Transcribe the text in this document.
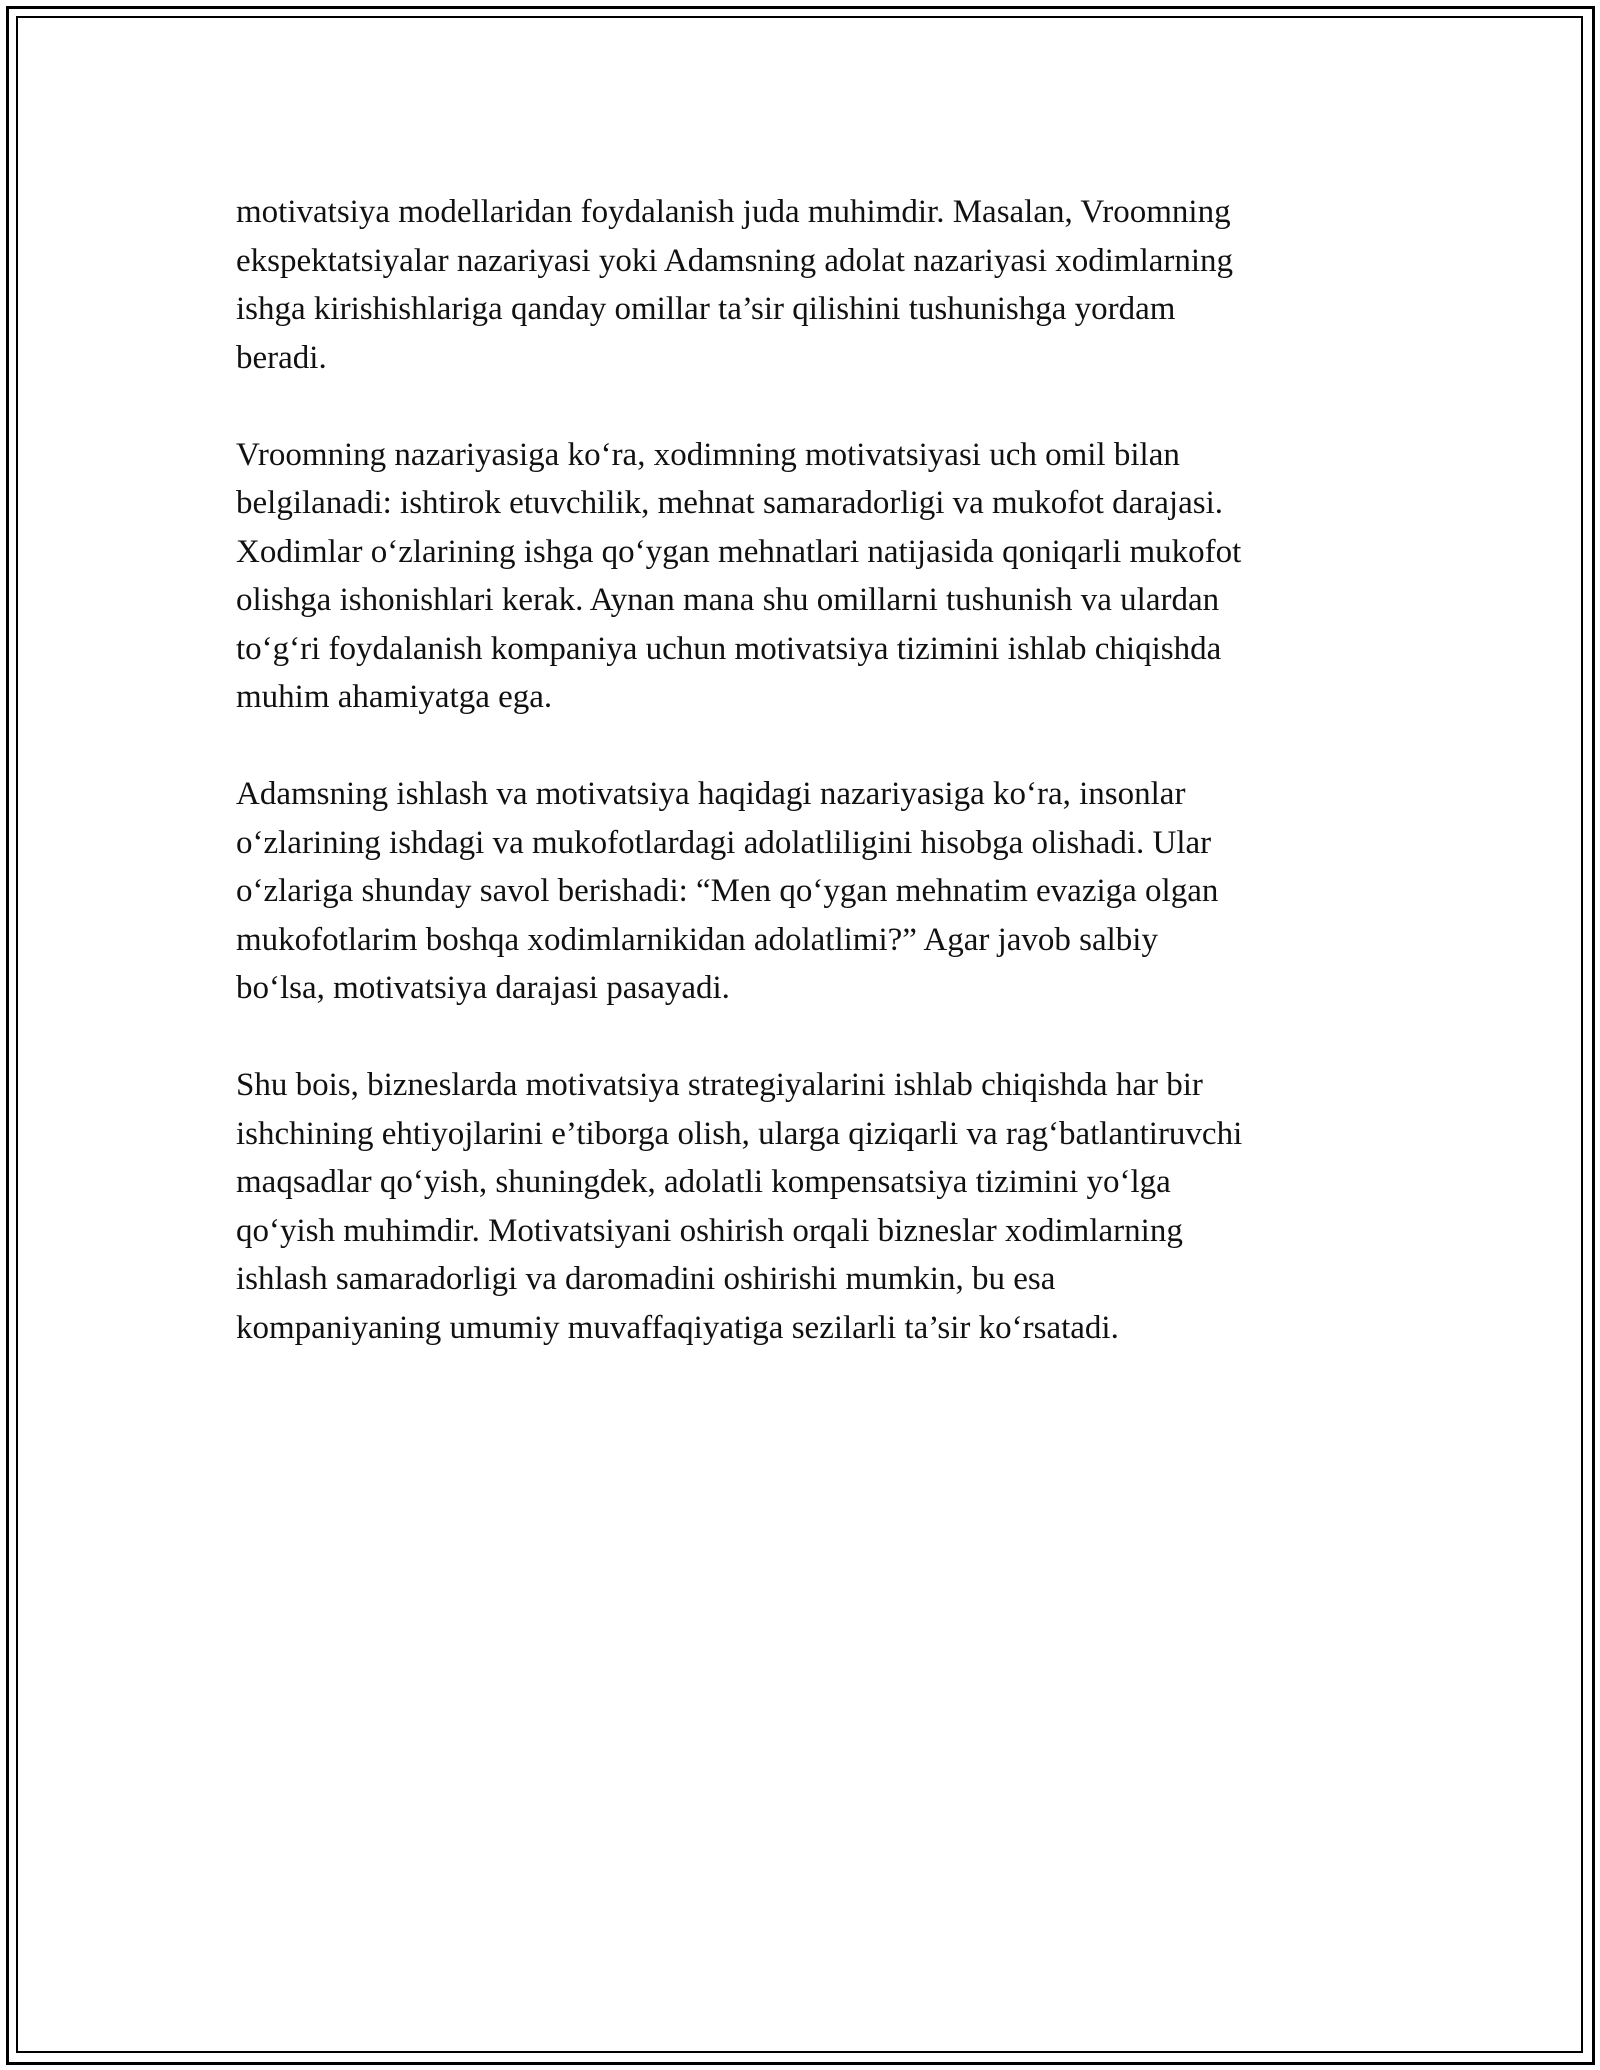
motivatsiya modellaridan foydalanish juda muhimdir. Masalan, Vroomning
ekspektatsiyalar nazariyasi yoki Adamsning adolat nazariyasi xodimlarning
ishga kirishishlariga qanday omillar ta’sir qilishini tushunishga yordam
beradi.

Vroomning nazariyasiga ko‘ra, xodimning motivatsiyasi uch omil bilan
belgilanadi: ishtirok etuvchilik, mehnat samaradorligi va mukofot darajasi.
Xodimlar o‘zlarining ishga qo‘ygan mehnatlari natijasida qoniqarli mukofot
olishga ishonishlari kerak. Aynan mana shu omillarni tushunish va ulardan
to‘g‘ri foydalanish kompaniya uchun motivatsiya tizimini ishlab chiqishda
muhim ahamiyatga ega.

Adamsning ishlash va motivatsiya haqidagi nazariyasiga ko‘ra, insonlar
o‘zlarining ishdagi va mukofotlardagi adolatliligini hisobga olishadi. Ular
o‘zlariga shunday savol berishadi: “Men qo‘ygan mehnatim evaziga olgan
mukofotlarim boshqa xodimlarnikidan adolatlimi?” Agar javob salbiy
bo‘lsa, motivatsiya darajasi pasayadi.

Shu bois, bizneslarda motivatsiya strategiyalarini ishlab chiqishda har bir
ishchining ehtiyojlarini e’tiborga olish, ularga qiziqarli va rag‘batlantiruvchi
maqsadlar qo‘yish, shuningdek, adolatli kompensatsiya tizimini yo‘lga
qo‘yish muhimdir. Motivatsiyani oshirish orqali bizneslar xodimlarning
ishlash samaradorligi va daromadini oshirishi mumkin, bu esa
kompaniyaning umumiy muvaffaqiyatiga sezilarli ta’sir ko‘rsatadi.
